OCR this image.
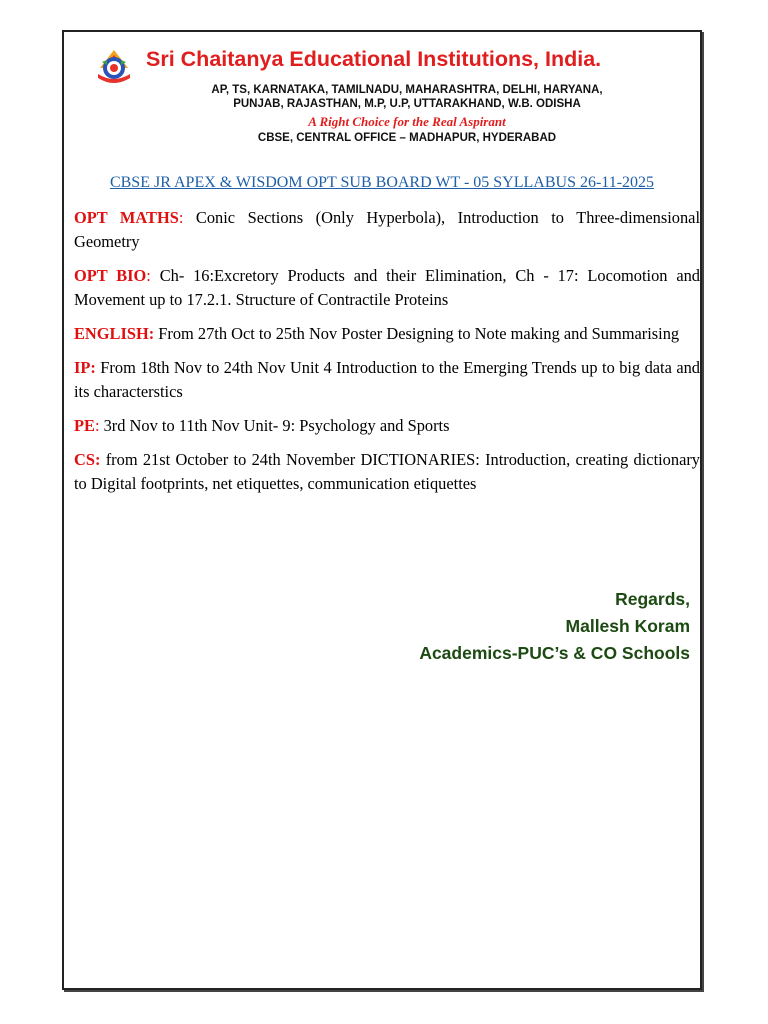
Sri Chaitanya Educational Institutions, India.
AP, TS, KARNATAKA, TAMILNADU, MAHARASHTRA, DELHI, HARYANA,
PUNJAB, RAJASTHAN, M.P, U.P, UTTARAKHAND, W.B. ODISHA
A Right Choice for the Real Aspirant
CBSE, CENTRAL OFFICE – MADHAPUR, HYDERABAD
CBSE JR APEX & WISDOM OPT SUB BOARD WT - 05 SYLLABUS 26-11-2025

OPT MATHS: Conic Sections (Only Hyperbola), Introduction to Three-dimensional Geometry

OPT BIO: Ch- 16:Excretory Products and their Elimination, Ch - 17: Locomotion and Movement up to 17.2.1. Structure of Contractile Proteins

ENGLISH: From 27th Oct to 25th Nov Poster Designing to Note making and Summarising

IP: From 18th Nov to 24th Nov Unit 4 Introduction to the Emerging Trends up to big data and its characterstics

PE: 3rd Nov to 11th Nov Unit- 9: Psychology and Sports

CS: from 21st October to 24th November DICTIONARIES: Introduction, creating dictionary to Digital footprints, net etiquettes, communication etiquettes

Regards,
Mallesh Koram
Academics-PUC’s & CO Schools
